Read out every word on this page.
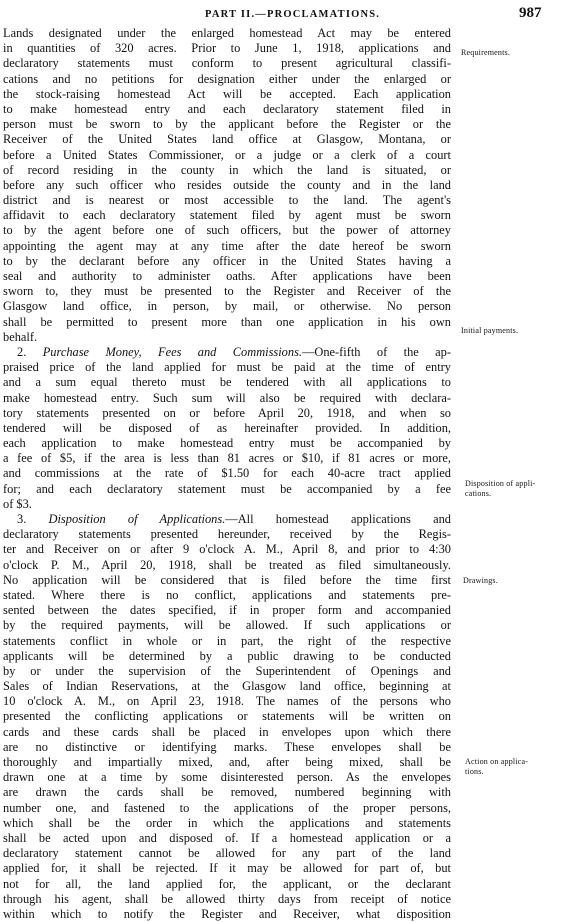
PART II.—PROCLAMATIONS.	987
Lands designated under the enlarged homestead Act may be entered
in quantities of 320 acres. Prior to June 1, 1918, applications and
declaratory statements must conform to present agricultural classifi-
cations and no petitions for designation either under the enlarged or
the stock-raising homestead Act will be accepted. Each application
to make homestead entry and each declaratory statement filed in
person must be sworn to by the applicant before the Register or the
Receiver of the United States land office at Glasgow, Montana, or
before a United States Commissioner, or a judge or a clerk of a court
of record residing in the county in which the land is situated, or
before any such officer who resides outside the county and in the land
district and is nearest or most accessible to the land. The agent's
affidavit to each declaratory statement filed by agent must be sworn
to by the agent before one of such officers, but the power of attorney
appointing the agent may at any time after the date hereof be sworn
to by the declarant before any officer in the United States having a
seal and authority to administer oaths. After applications have been
sworn to, they must be presented to the Register and Receiver of the
Glasgow land office, in person, by mail, or otherwise. No person
shall be permitted to present more than one application in his own
behalf.
2. Purchase Money, Fees and Commissions.—One-fifth of the ap-
praised price of the land applied for must be paid at the time of entry
and a sum equal thereto must be tendered with all applications to
make homestead entry. Such sum will also be required with declara-
tory statements presented on or before April 20, 1918, and when so
tendered will be disposed of as hereinafter provided. In addition,
each application to make homestead entry must be accompanied by
a fee of $5, if the area is less than 81 acres or $10, if 81 acres or more,
and commissions at the rate of $1.50 for each 40-acre tract applied
for; and each declaratory statement must be accompanied by a fee
of $3.
3. Disposition of Applications.—All homestead applications and
declaratory statements presented hereunder, received by the Regis-
ter and Receiver on or after 9 o'clock A. M., April 8, and prior to 4:30
o'clock P. M., April 20, 1918, shall be treated as filed simultaneously.
No application will be considered that is filed before the time first
stated. Where there is no conflict, applications and statements pre-
sented between the dates specified, if in proper form and accompanied
by the required payments, will be allowed. If such applications or
statements conflict in whole or in part, the right of the respective
applicants will be determined by a public drawing to be conducted
by or under the supervision of the Superintendent of Openings and
Sales of Indian Reservations, at the Glasgow land office, beginning at
10 o'clock A. M., on April 23, 1918. The names of the persons who
presented the conflicting applications or statements will be written on
cards and these cards shall be placed in envelopes upon which there
are no distinctive or identifying marks. These envelopes shall be
thoroughly and impartially mixed, and, after being mixed, shall be
drawn one at a time by some disinterested person. As the envelopes
are drawn the cards shall be removed, numbered beginning with
number one, and fastened to the applications of the proper persons,
which shall be the order in which the applications and statements
shall be acted upon and disposed of. If a homestead application or a
declaratory statement cannot be allowed for any part of the land
applied for, it shall be rejected. If it may be allowed for part of, but
not for all, the land applied for, the applicant, or the declarant
through his agent, shall be allowed thirty days from receipt of notice
within which to notify the Register and Receiver, what disposition
Requirements.
Initial payments.
Disposition of appli-
cations.
Drawings.
Action on applica-
tions.
